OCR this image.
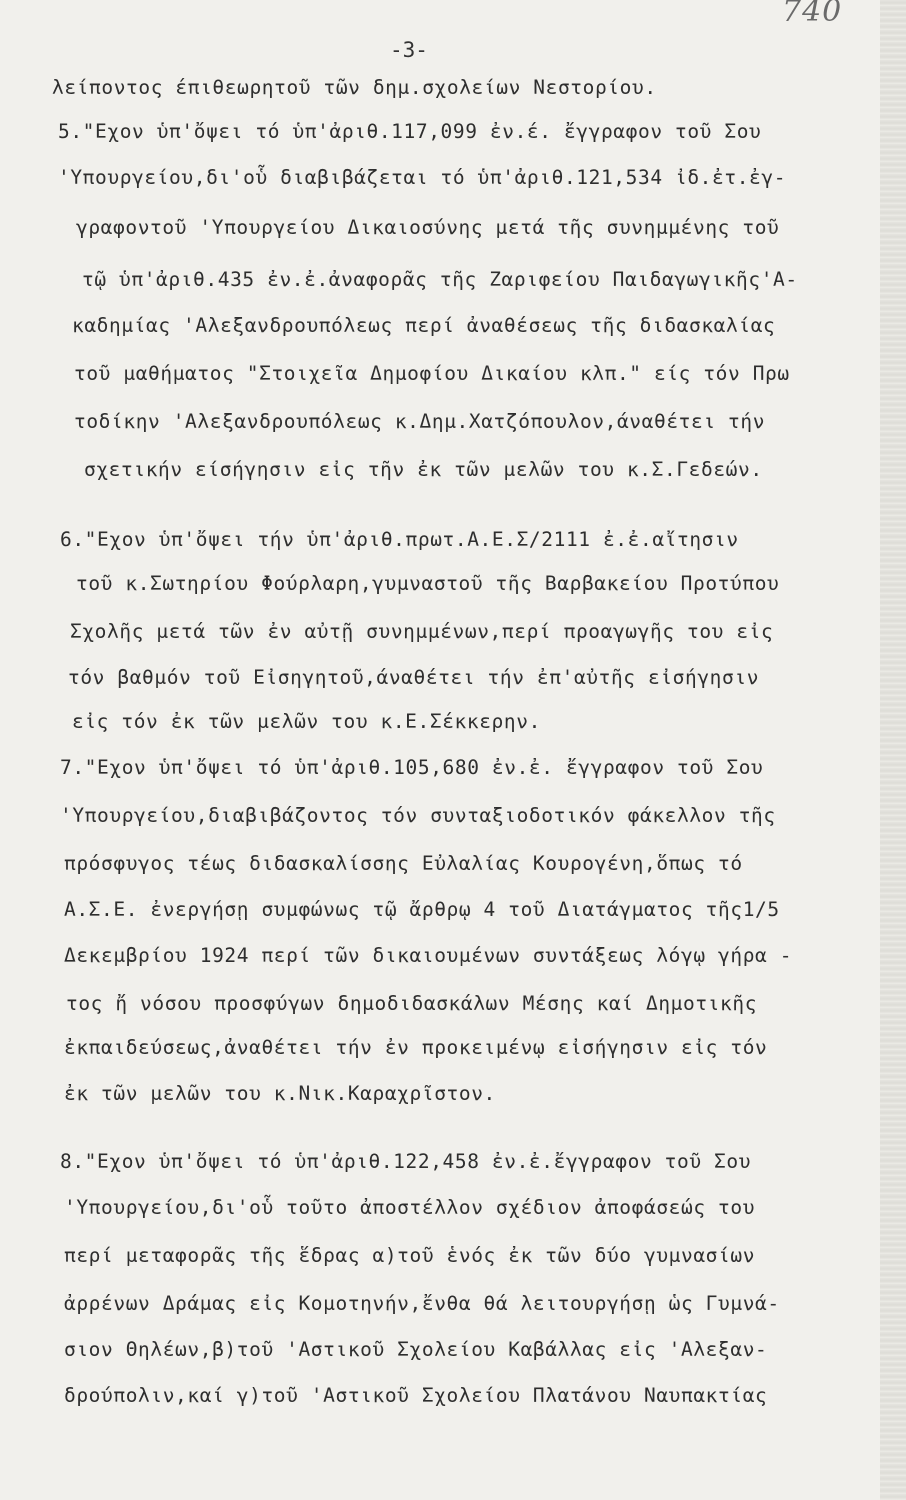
740
-3-
λείποντος έπιθεωρητοῦ τῶν δημ.σχολείων Νεστορίου.
5."Εχον ὑπ'ὄψει τό ὑπ'ἀριθ.117,099 ἐν.έ. ἔγγραφον τοῦ Σου
'Υπουργείου,δι'οὗ διαβιβάζεται τό ὑπ'ἀριθ.121,534 ἰδ.ἐτ.ἐγ-
γραφοντοῦ 'Υπουργείου Δικαιοσύνης μετά τῆς συνημμένης τοῦ
τῷ ὑπ'ἀριθ.435 ἐν.ἐ.ἀναφορᾶς τῆς Ζαριφείου Παιδαγωγικῆς'Α-
καδημίας 'Αλεξανδρουπόλεως περί ἀναθέσεως τῆς διδασκαλίας
τοῦ μαθήματος "Στοιχεῖα Δημοφίου Δικαίου κλπ." είς τόν Πρω
τοδίκην 'Αλεξανδρουπόλεως κ.Δημ.Χατζόπουλον,άναθέτει τήν
σχετικήν είσήγησιν εἰς τῆν ἐκ τῶν μελῶν του κ.Σ.Γεδεών.
6."Εχον ὑπ'ὄψει τήν ὑπ'ἀριθ.πρωτ.Α.Ε.Σ/2111 ἐ.ἐ.αἴτησιν
τοῦ κ.Σωτηρίου Φούρλαρη,γυμναστοῦ τῆς Βαρβακείου Προτύπου
Σχολῆς μετά τῶν ἐν αὐτῇ συνημμένων,περί προαγωγῆς του εἰς
τόν βαθμόν τοῦ Εἰσηγητοῦ,άναθέτει τήν ἐπ'αὐτῆς εἰσήγησιν
εἰς τόν ἐκ τῶν μελῶν του κ.Ε.Σέκκερην.
7."Εχον ὑπ'ὄψει τό ὑπ'ἀριθ.105,680 ἐν.ἐ. ἔγγραφον τοῦ Σου
'Υπουργείου,διαβιβάζοντος τόν συνταξιοδοτικόν φάκελλον τῆς
πρόσφυγος τέως διδασκαλίσσης Εὐλαλίας Κουρογένη,ὅπως τό
Α.Σ.Ε. ἐνεργήσῃ συμφώνως τῷ ἄρθρῳ 4 τοῦ Διατάγματος τῆς1/5
Δεκεμβρίου 1924 περί τῶν δικαιουμένων συντάξεως λόγῳ γήρα -
τος ἤ νόσου προσφύγων δημοδιδασκάλων Μέσης καί Δημοτικῆς
ἐκπαιδεύσεως,ἀναθέτει τήν ἐν προκειμένῳ εἰσήγησιν εἰς τόν
ἐκ τῶν μελῶν του κ.Νικ.Καραχρῖστον.
8."Εχον ὑπ'ὄψει τό ὑπ'ἀριθ.122,458 ἐν.ἐ.ἔγγραφον τοῦ Σου
'Υπουργείου,δι'οὗ τοῦτο ἀποστέλλον σχέδιον ἀποφάσεώς του
περί μεταφορᾶς τῆς ἕδρας α)τοῦ ἑνός ἐκ τῶν δύο γυμνασίων
ἀρρένων Δράμας εἰς Κομοτηνήν,ἔνθα θά λειτουργήσῃ ὡς Γυμνά-
σιον Θηλέων,β)τοῦ 'Αστικοῦ Σχολείου Καβάλλας εἰς 'Αλεξαν-
δρούπολιν,καί γ)τοῦ 'Αστικοῦ Σχολείου Πλατάνου Ναυπακτίας
